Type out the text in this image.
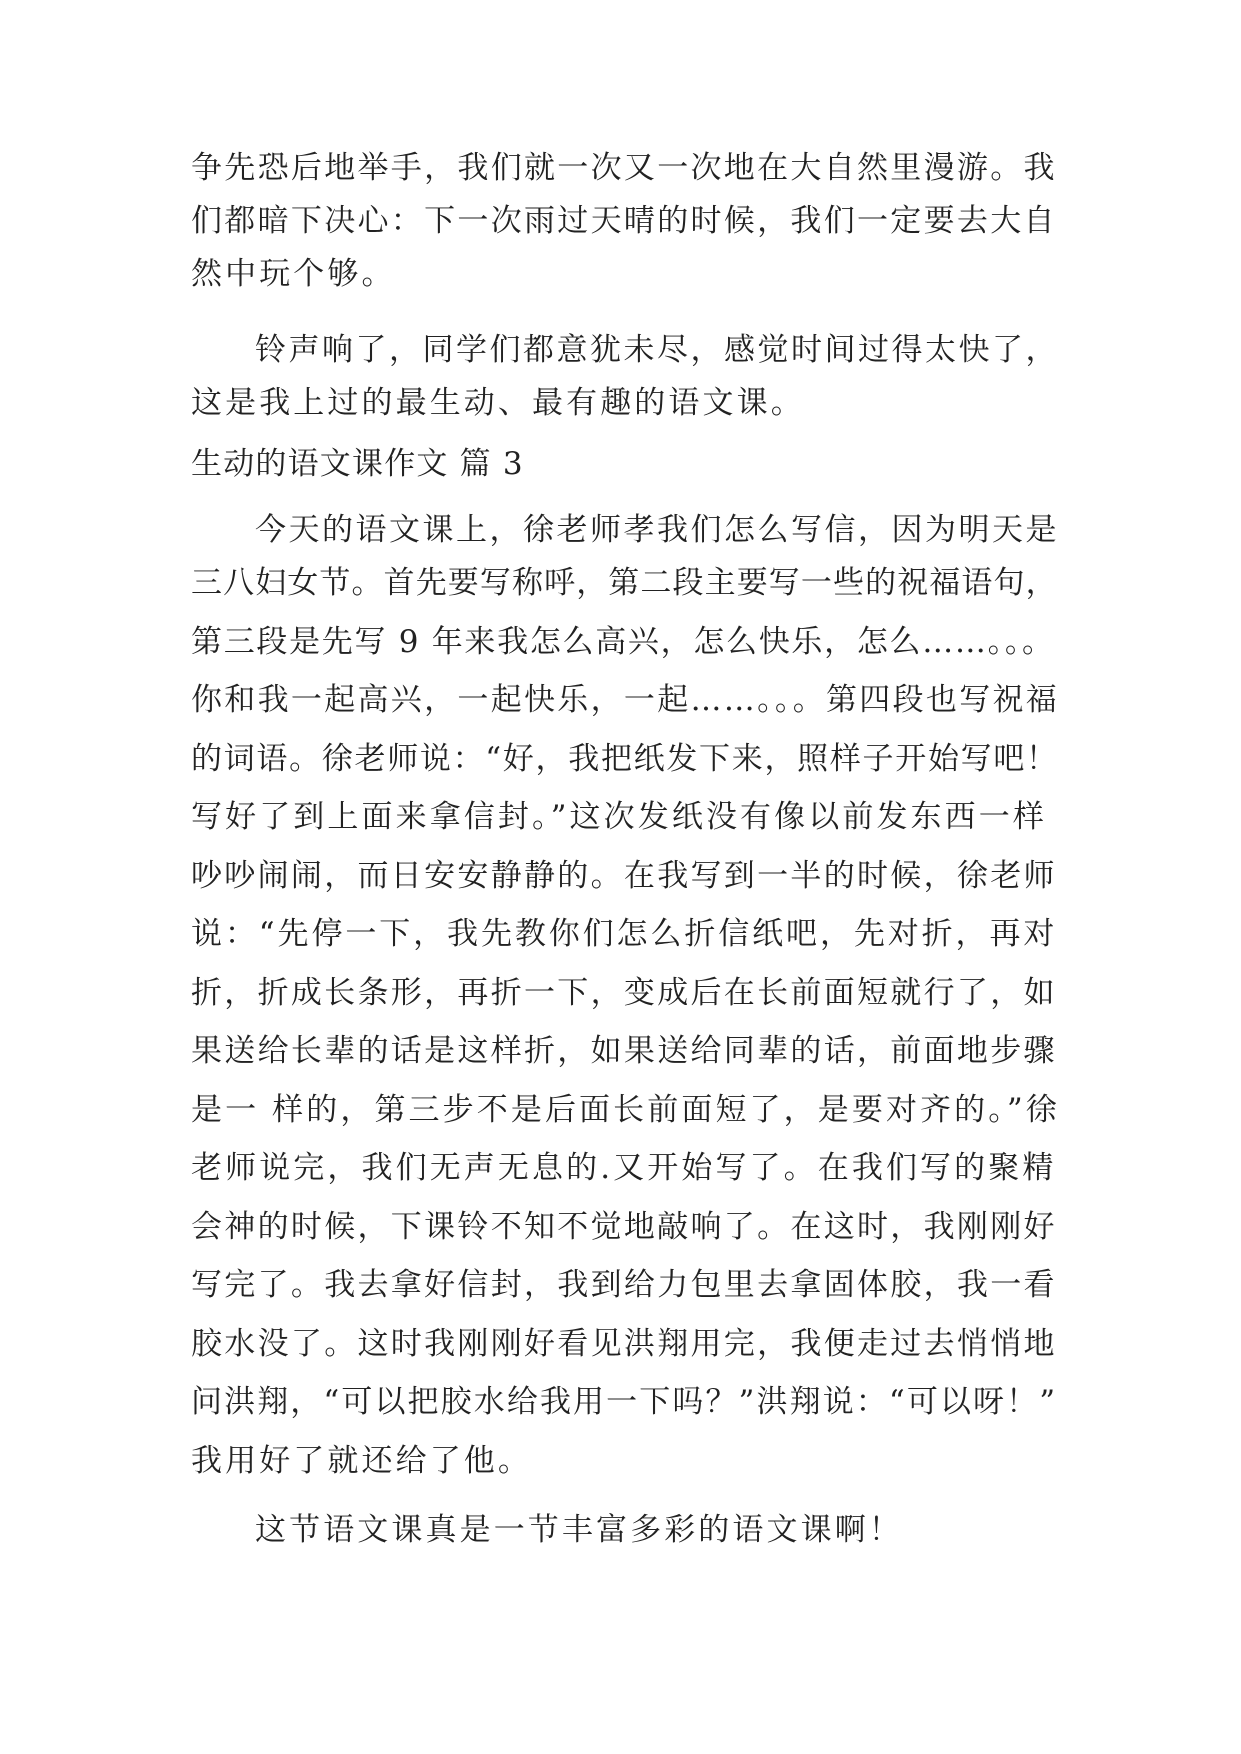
争先恐后地举手，我们就一次又一次地在大自然里漫游。我

们都暗下决心：下一次雨过天晴的时候，我们一定要去大自

然中玩个够。

铃声响了，同学们都意犹未尽，感觉时间过得太快了，

这是我上过的最生动、最有趣的语文课。

生动的语文课作文 篇 3

今天的语文课上，徐老师孝我们怎么写信，因为明天是

三八妇女节。首先要写称呼，第二段主要写一些的祝福语句，

第三段是先写 9 年来我怎么高兴，怎么快乐，怎么……。。。

你和我一起高兴，一起快乐，一起……。。。第四段也写祝福

的词语。徐老师说：“好，我把纸发下来，照样子开始写吧！

写好了到上面来拿信封。”这次发纸没有像以前发东西一样

吵吵闹闹，而日安安静静的。在我写到一半的时候，徐老师

说：“先停一下，我先教你们怎么折信纸吧，先对折，再对

折，折成长条形，再折一下，变成后在长前面短就行了，如

果送给长辈的话是这样折，如果送给同辈的话，前面地步骤

是一 样的，第三步不是后面长前面短了，是要对齐的。”徐

老师说完，我们无声无息的.又开始写了。在我们写的聚精

会神的时候，下课铃不知不觉地敲响了。在这时，我刚刚好

写完了。我去拿好信封，我到给力包里去拿固体胶，我一看

胶水没了。这时我刚刚好看见洪翔用完，我便走过去悄悄地

问洪翔，“可以把胶水给我用一下吗？”洪翔说：“可以呀！”

我用好了就还给了他。

这节语文课真是一节丰富多彩的语文课啊！
